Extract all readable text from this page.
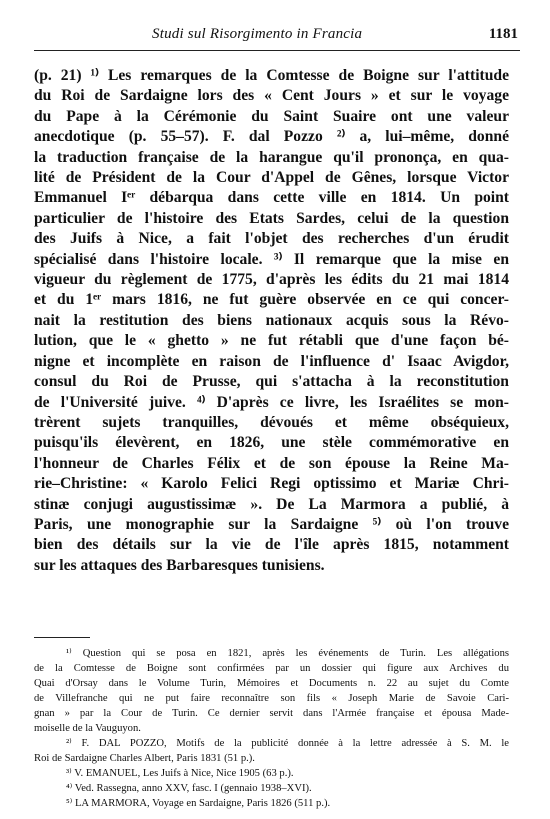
Studi sul Risorgimento in Francia	1181
(p. 21) ¹⁾ Les remarques de la Comtesse de Boigne sur l'attitude
du Roi de Sardaigne lors des « Cent Jours » et sur le voyage
du Pape à la Cérémonie du Saint Suaire ont une valeur
anecdotique (p. 55–57). F. dal Pozzo ²⁾ a, lui–même, donné
la traduction française de la harangue qu'il prononça, en qua-
lité de Président de la Cour d'Appel de Gênes, lorsque Victor
Emmanuel Iᵉʳ débarqua dans cette ville en 1814. Un point
particulier de l'histoire des Etats Sardes, celui de la question
des Juifs à Nice, a fait l'objet des recherches d'un érudit
spécialisé dans l'histoire locale. ³⁾ Il remarque que la mise en
vigueur du règlement de 1775, d'après les édits du 21 mai 1814
et du 1ᵉʳ mars 1816, ne fut guère observée en ce qui concer-
nait la restitution des biens nationaux acquis sous la Révo-
lution, que le « ghetto » ne fut rétabli que d'une façon bé-
nigne et incomplète en raison de l'influence d' Isaac Avigdor,
consul du Roi de Prusse, qui s'attacha à la reconstitution
de l'Université juive. ⁴⁾ D'après ce livre, les Israélites se mon-
trèrent sujets tranquilles, dévoués et même obséquieux,
puisqu'ils élevèrent, en 1826, une stèle commémorative en
l'honneur de Charles Félix et de son épouse la Reine Ma-
rie–Christine: « Karolo Felici Regi optissimo et Mariæ Chri-
stinæ conjugi augustissimæ ». De La Marmora a publié, à
Paris, une monographie sur la Sardaigne ⁵⁾ où l'on trouve
bien des détails sur la vie de l'île après 1815, notamment
sur les attaques des Barbaresques tunisiens.
¹⁾ Question qui se posa en 1821, après les événements de Turin. Les allégations
de la Comtesse de Boigne sont confirmées par un dossier qui figure aux Archives du
Quai d'Orsay dans le Volume Turin, Mémoires et Documents n. 22 au sujet du Comte
de Villefranche qui ne put faire reconnaître son fils « Joseph Marie de Savoie Cari-
gnan » par la Cour de Turin. Ce dernier servit dans l'Armée française et épousa Made-
moiselle de la Vauguyon.
²⁾ F. DAL POZZO, Motifs de la publicité donnée à la lettre adressée à S. M. le
Roi de Sardaigne Charles Albert, Paris 1831 (51 p.).
³⁾ V. EMANUEL, Les Juifs à Nice, Nice 1905 (63 p.).
⁴⁾ Ved. Rassegna, anno XXV, fasc. I (gennaio 1938–XVI).
⁵⁾ LA MARMORA, Voyage en Sardaigne, Paris 1826 (511 p.).
